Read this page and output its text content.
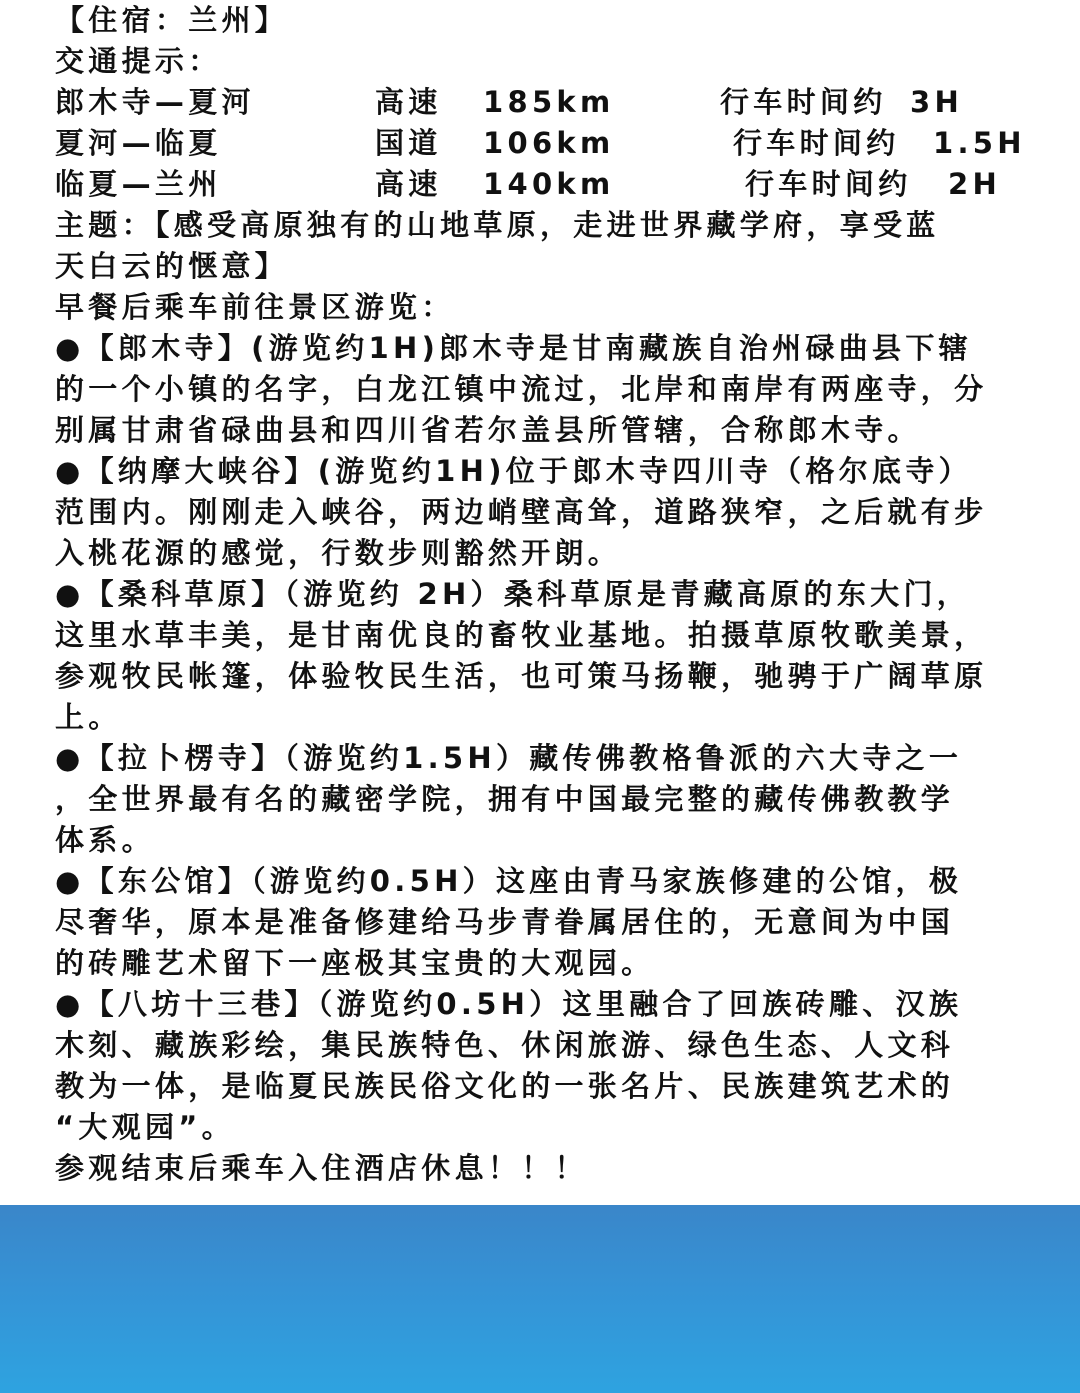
【住宿：兰州】
交通提示：
郎木寺—夏河	高速 185km	行车时间约 3H
夏河—临夏	国道 106km	行车时间约 1.5H
临夏—兰州	高速 140km	行车时间约 2H
主题：【感受高原独有的山地草原，走进世界藏学府，享受蓝
天白云的惬意】
早餐后乘车前往景区游览：
●【郎木寺】(游览约1H)郎木寺是甘南藏族自治州碌曲县下辖
的一个小镇的名字，白龙江镇中流过，北岸和南岸有两座寺，分
别属甘肃省碌曲县和四川省若尔盖县所管辖，合称郎木寺。
●【纳摩大峡谷】(游览约1H)位于郎木寺四川寺（格尔底寺）
范围内。刚刚走入峡谷，两边峭壁高耸，道路狭窄，之后就有步
入桃花源的感觉，行数步则豁然开朗。
●【桑科草原】（游览约 2H）桑科草原是青藏高原的东大门，
这里水草丰美，是甘南优良的畜牧业基地。拍摄草原牧歌美景，
参观牧民帐篷，体验牧民生活，也可策马扬鞭，驰骋于广阔草原
上。
●【拉卜楞寺】（游览约1.5H）藏传佛教格鲁派的六大寺之一
，全世界最有名的藏密学院，拥有中国最完整的藏传佛教教学
体系。
●【东公馆】（游览约0.5H）这座由青马家族修建的公馆，极
尽奢华，原本是准备修建给马步青眷属居住的，无意间为中国
的砖雕艺术留下一座极其宝贵的大观园。
●【八坊十三巷】（游览约0.5H）这里融合了回族砖雕、汉族
木刻、藏族彩绘，集民族特色、休闲旅游、绿色生态、人文科
教为一体，是临夏民族民俗文化的一张名片、民族建筑艺术的
“大观园”。
参观结束后乘车入住酒店休息！！！
